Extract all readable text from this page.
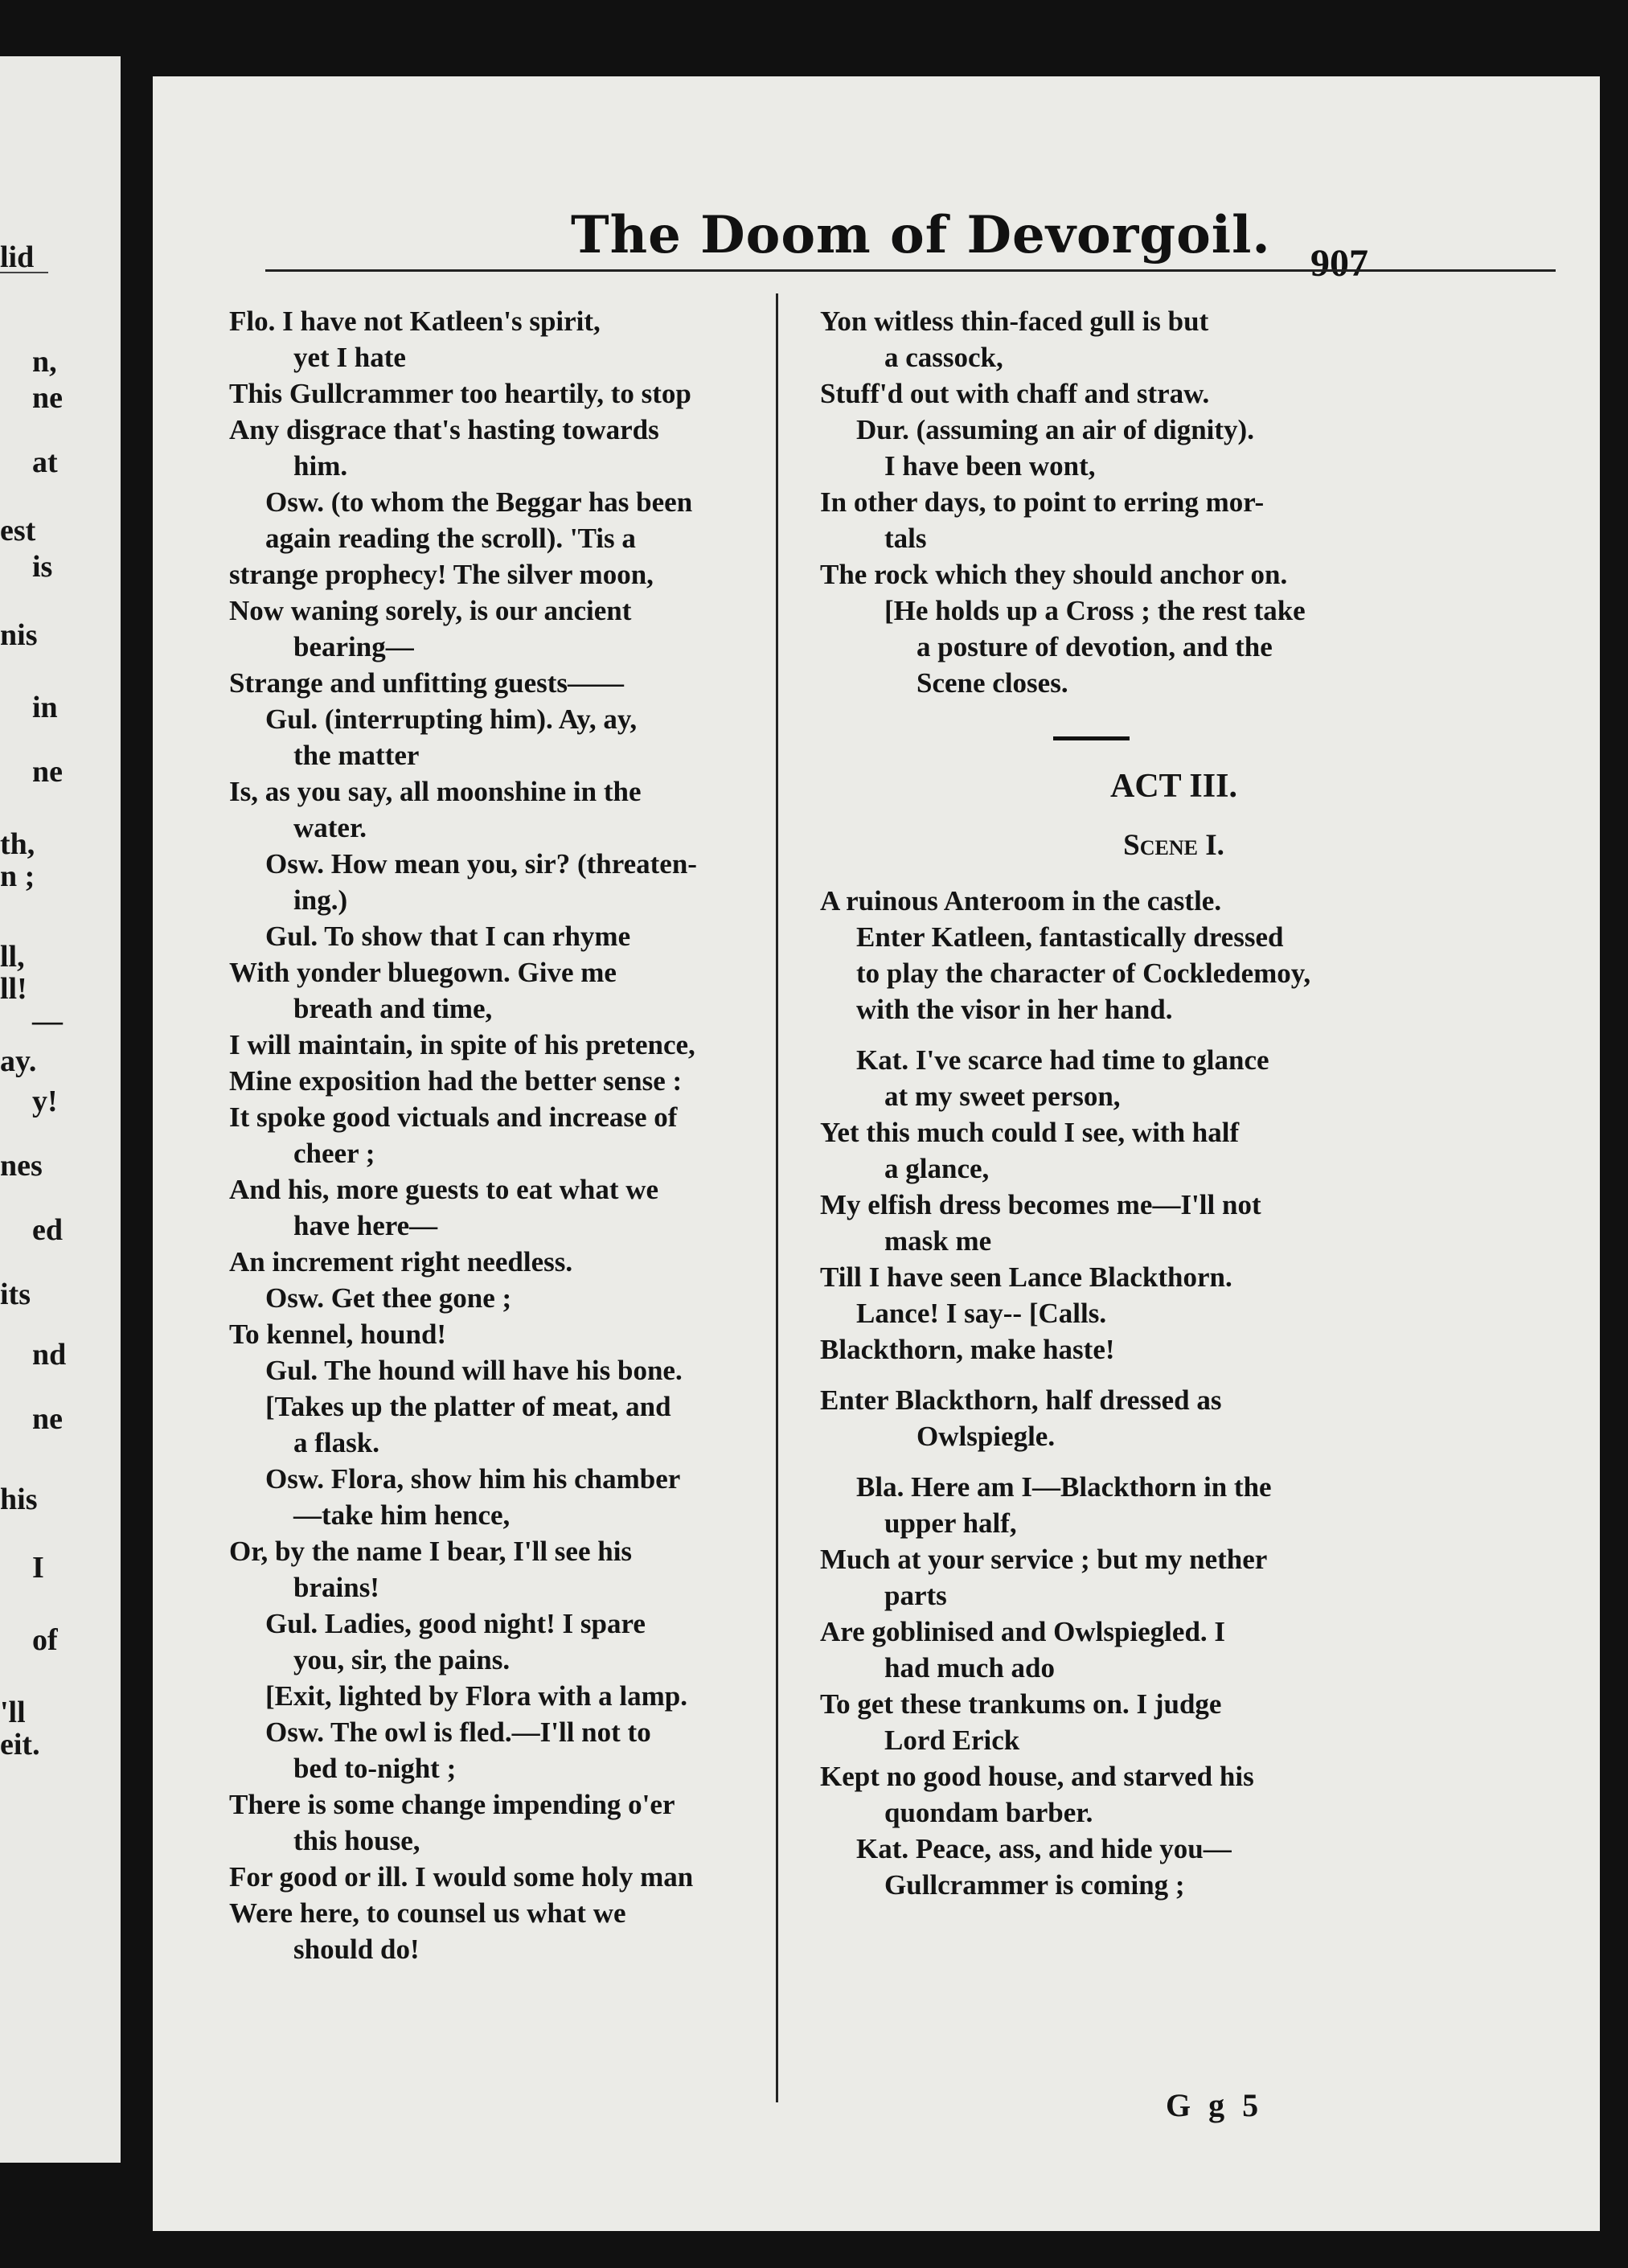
lid
n,
ne
at
est
is
nis
in
ne
th,
n ;
ll,
ll!
—
ay.
y!
nes
ed
its
nd
ne
his
I
of
'll
eit.
The Doom of Devorgoil. 907
Flo. I have not Katleen's spirit,
yet I hate
This Gullcrammer too heartily, to stop
Any disgrace that's hasting towards
him.
Osw. (to whom the Beggar has been
again reading the scroll). 'Tis a
strange prophecy! The silver moon,
Now waning sorely, is our ancient
bearing—
Strange and unfitting guests——
Gul. (interrupting him). Ay, ay,
the matter
Is, as you say, all moonshine in the
water.
Osw. How mean you, sir? (threaten-
ing.)
Gul. To show that I can rhyme
With yonder bluegown. Give me
breath and time,
I will maintain, in spite of his pretence,
Mine exposition had the better sense :
It spoke good victuals and increase of
cheer ;
And his, more guests to eat what we
have here—
An increment right needless.
Osw. Get thee gone ;
To kennel, hound!
Gul. The hound will have his bone.
[Takes up the platter of meat, and
a flask.
Osw. Flora, show him his chamber
—take him hence,
Or, by the name I bear, I'll see his
brains!
Gul. Ladies, good night! I spare
you, sir, the pains.
[Exit, lighted by Flora with a lamp.
Osw. The owl is fled.—I'll not to
bed to-night ;
There is some change impending o'er
this house,
For good or ill. I would some holy man
Were here, to counsel us what we
should do!
Yon witless thin-faced gull is but
a cassock,
Stuff'd out with chaff and straw.
Dur. (assuming an air of dignity).
I have been wont,
In other days, to point to erring mor-
tals
The rock which they should anchor on.
[He holds up a Cross ; the rest take
a posture of devotion, and the
Scene closes.
ACT III.
Scene I.
A ruinous Anteroom in the castle.
Enter Katleen, fantastically dressed
to play the character of Cockledemoy,
with the visor in her hand.
Kat. I've scarce had time to glance
at my sweet person,
Yet this much could I see, with half
a glance,
My elfish dress becomes me—I'll not
mask me
Till I have seen Lance Blackthorn.
Lance! I say-- [Calls.
Blackthorn, make haste!
Enter Blackthorn, half dressed as
Owlspiegle.
Bla. Here am I—Blackthorn in the
upper half,
Much at your service ; but my nether
parts
Are goblinised and Owlspiegled. I
had much ado
To get these trankums on. I judge
Lord Erick
Kept no good house, and starved his
quondam barber.
Kat. Peace, ass, and hide you—
Gullcrammer is coming ;
G g 5
